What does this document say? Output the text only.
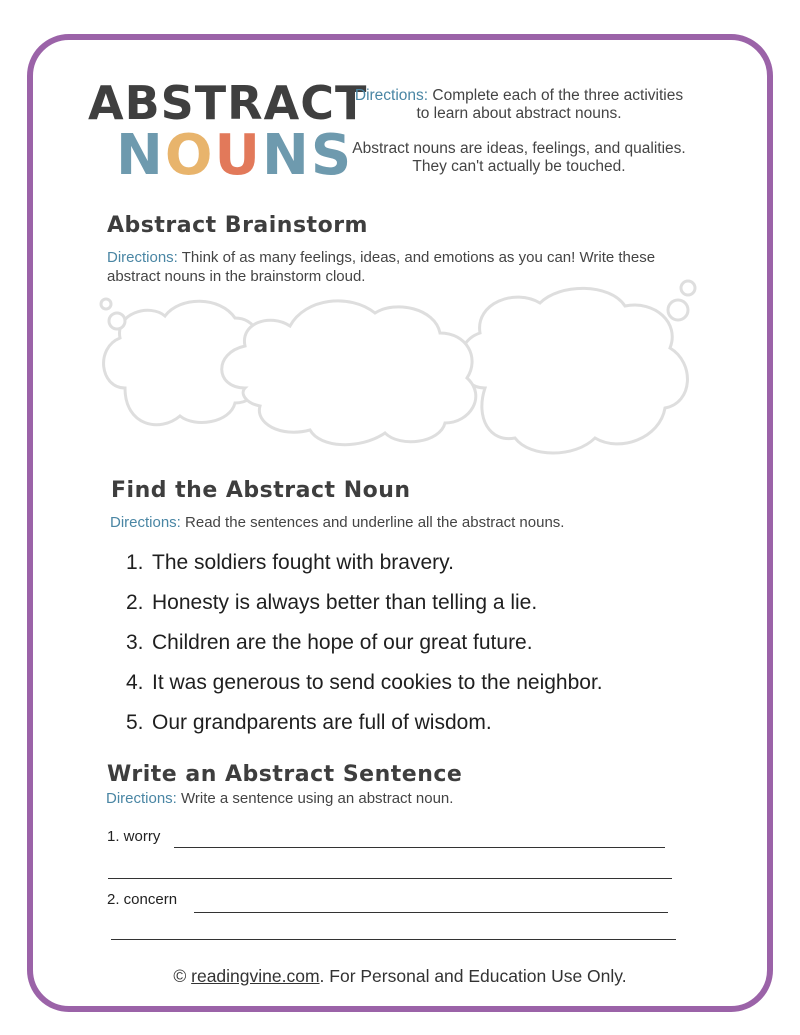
ABSTRACT
NOUNS
Directions: Complete each of the three activities to learn about abstract nouns.
Abstract nouns are ideas, feelings, and qualities. They can't actually be touched.
Abstract Brainstorm
Directions: Think of as many feelings, ideas, and emotions as you can! Write these abstract nouns in the brainstorm cloud.
Find the Abstract Noun
Directions: Read the sentences and underline all the abstract nouns.
1. The soldiers fought with bravery.
2. Honesty is always better than telling a lie.
3. Children are the hope of our great future.
4. It was generous to send cookies to the neighbor.
5. Our grandparents are full of wisdom.
Write an Abstract Sentence
Directions: Write a sentence using an abstract noun.
1. worry
2. concern
© readingvine.com. For Personal and Education Use Only.
